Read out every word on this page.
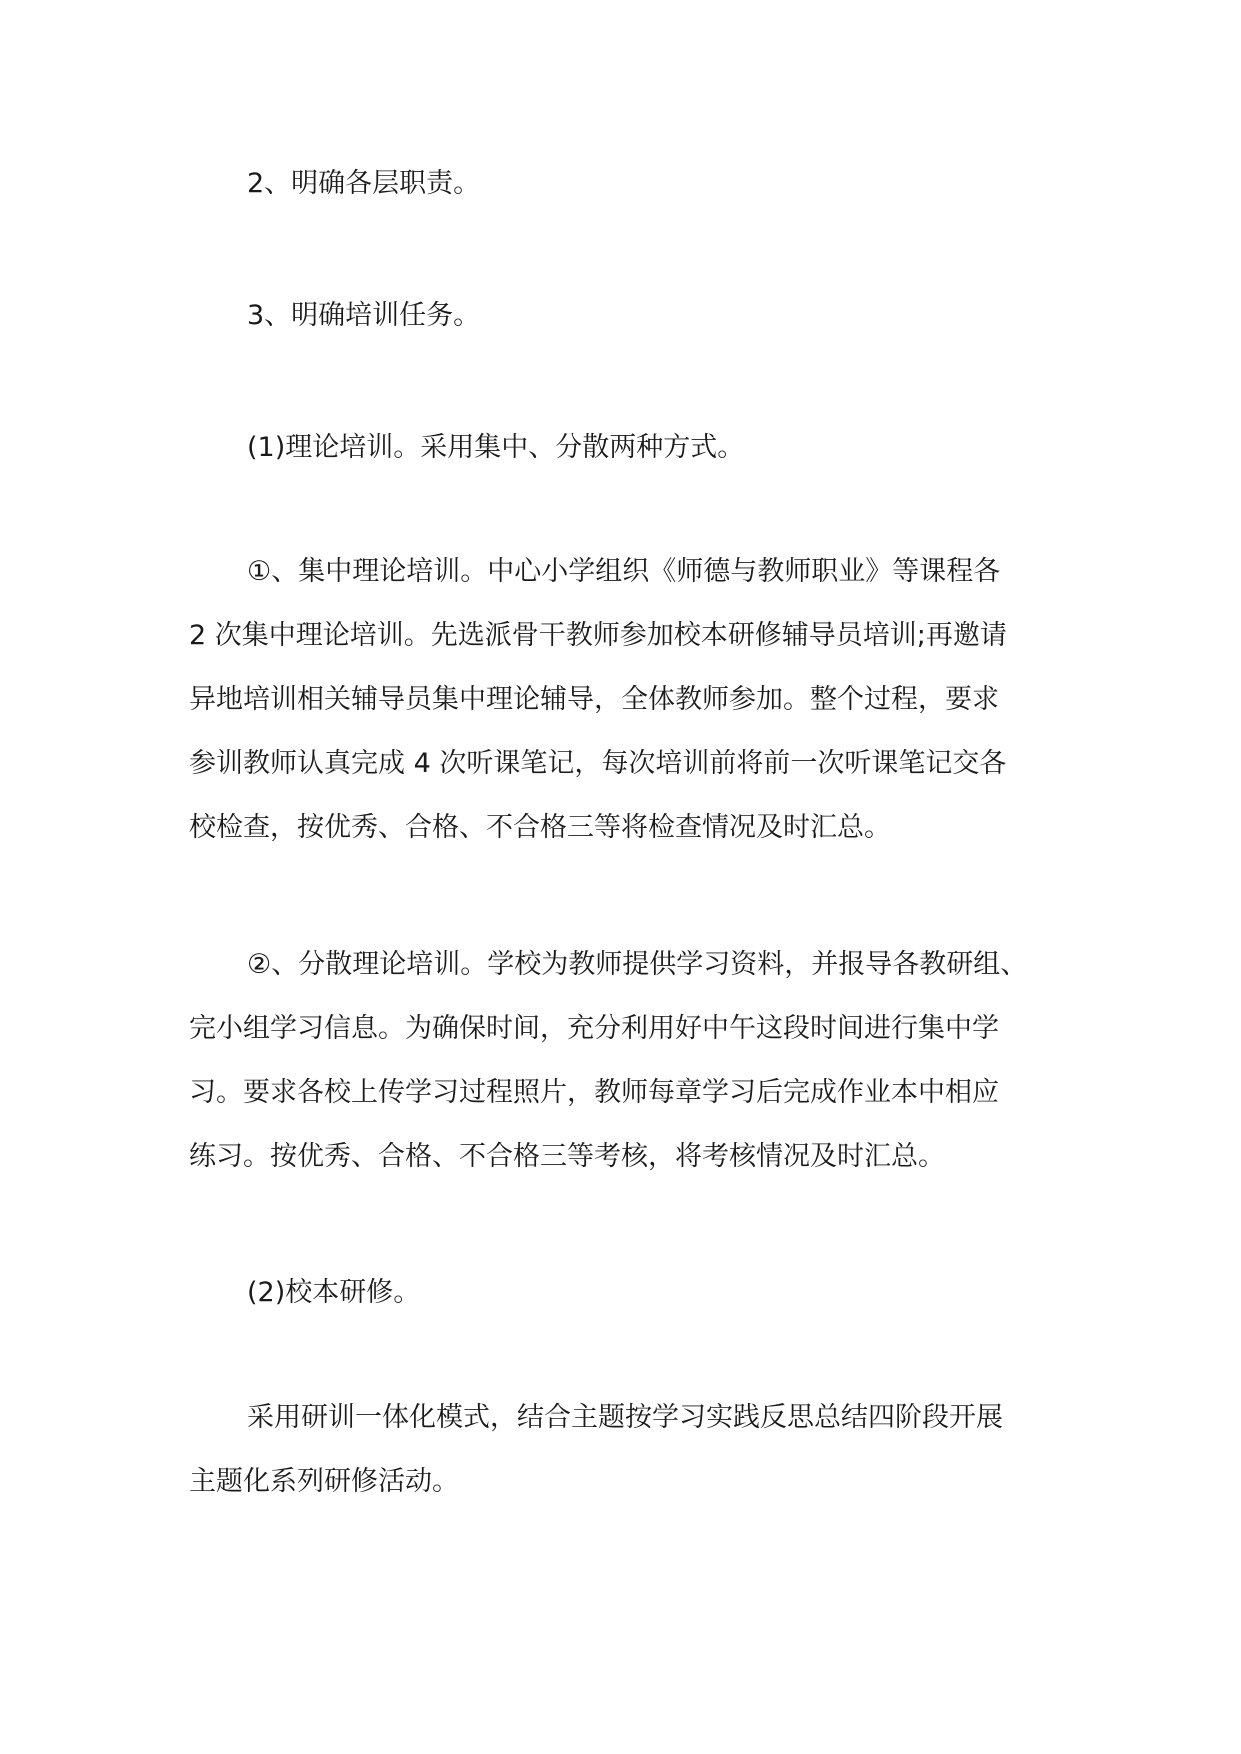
2、明确各层职责。
3、明确培训任务。
(1)理论培训。采用集中、分散两种方式。
①、集中理论培训。中心小学组织《师德与教师职业》等课程各
2 次集中理论培训。先选派骨干教师参加校本研修辅导员培训;再邀请
异地培训相关辅导员集中理论辅导，全体教师参加。整个过程，要求
参训教师认真完成 4 次听课笔记，每次培训前将前一次听课笔记交各
校检查，按优秀、合格、不合格三等将检查情况及时汇总。
②、分散理论培训。学校为教师提供学习资料，并报导各教研组、
完小组学习信息。为确保时间，充分利用好中午这段时间进行集中学
习。要求各校上传学习过程照片，教师每章学习后完成作业本中相应
练习。按优秀、合格、不合格三等考核，将考核情况及时汇总。
(2)校本研修。
采用研训一体化模式，结合主题按学习实践反思总结四阶段开展
主题化系列研修活动。
